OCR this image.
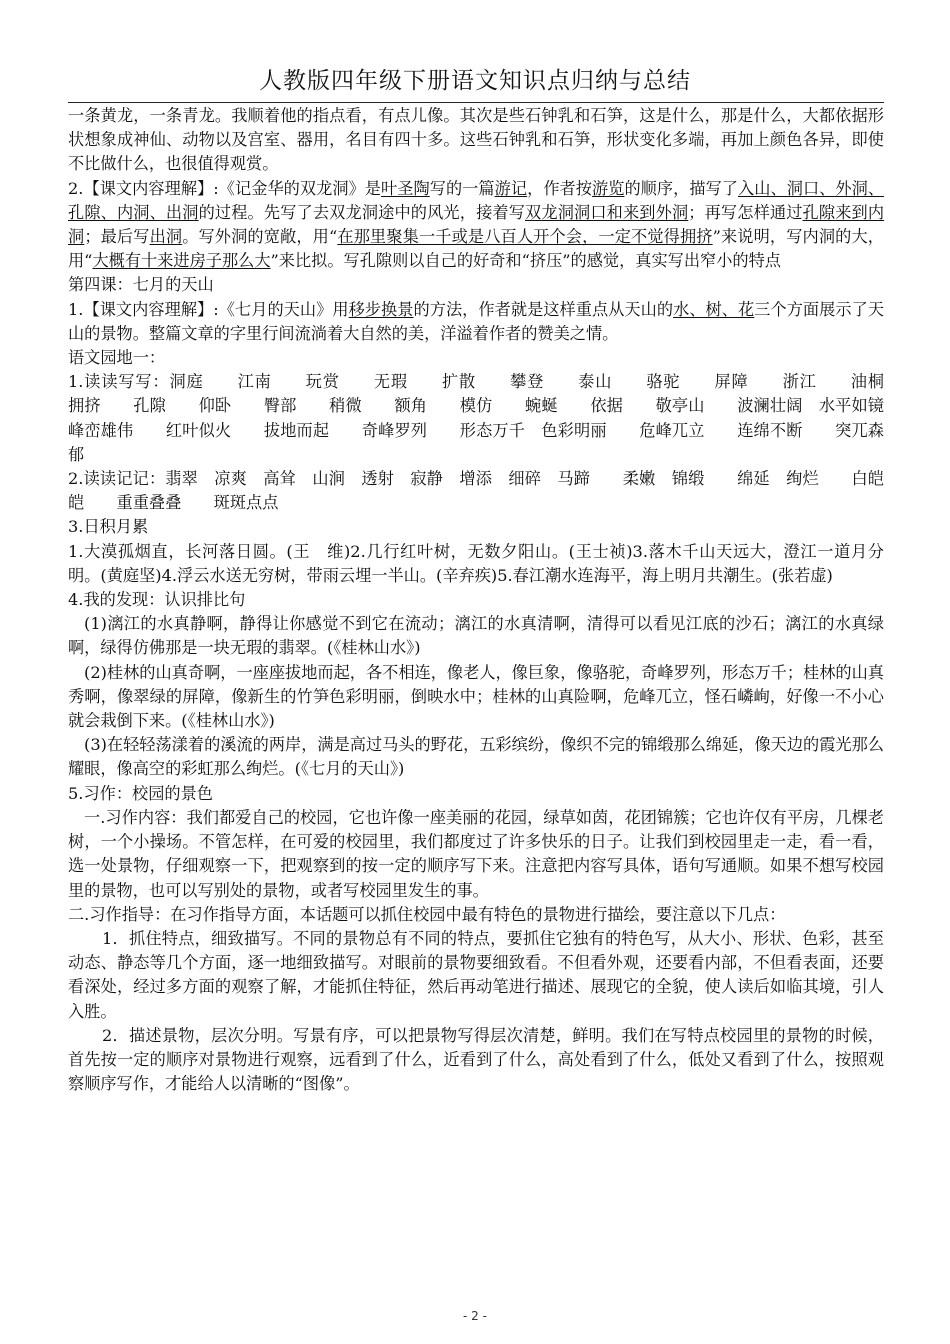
人教版四年级下册语文知识点归纳与总结

一条黄龙，一条青龙。我顺着他的指点看，有点儿像。其次是些石钟乳和石笋，这是什么，那是什么，大都依据形状想象成神仙、动物以及宫室、器用，名目有四十多。这些石钟乳和石笋，形状变化多端，再加上颜色各异，即使不比做什么，也很值得观赏。

2.【课文内容理解】:《记金华的双龙洞》是叶圣陶写的一篇游记，作者按游览的顺序，描写了入山、洞口、外洞、孔隙、内洞、出洞的过程。先写了去双龙洞途中的风光，接着写双龙洞洞口和来到外洞；再写怎样通过孔隙来到内洞；最后写出洞。写外洞的宽敞，用“在那里聚集一千或是八百人开个会，一定不觉得拥挤”来说明，写内洞的大，用“大概有十来进房子那么大”来比拟。写孔隙则以自己的好奇和“挤压”的感觉，真实写出窄小的特点

第四课：七月的天山

1.【课文内容理解】:《七月的天山》用移步换景的方法，作者就是这样重点从天山的水、树、花三个方面展示了天山的景物。整篇文章的字里行间流淌着大自然的美，洋溢着作者的赞美之情。

语文园地一：

1.读读写写：洞庭　　江南　　玩赏　　无瑕　　扩散　　攀登　　泰山　　骆驼　　屏障　　浙江　　油桐　　拥挤　　孔隙　　仰卧　　臀部　　稍微　　额角　　模仿　　蜿蜒　　依据　　敬亭山　　波澜壮阔　水平如镜　　峰峦雄伟　　红叶似火　　拔地而起　　奇峰罗列　　形态万千　色彩明丽　　危峰兀立　　连绵不断　　突兀森郁

2.读读记记：翡翠　凉爽　高耸　山涧　透射　寂静　增添　细碎　马蹄　　柔嫩　锦缎　　绵延　绚烂　　白皑皑　　重重叠叠　　斑斑点点

3.日积月累

1.大漠孤烟直，长河落日圆。(王　维)2.几行红叶树，无数夕阳山。(王士祯)3.落木千山天远大，澄江一道月分明。(黄庭坚)4.浮云水送无穷树，带雨云埋一半山。(辛弃疾)5.春江潮水连海平，海上明月共潮生。(张若虚)

4.我的发现：认识排比句

(1)漓江的水真静啊，静得让你感觉不到它在流动；漓江的水真清啊，清得可以看见江底的沙石；漓江的水真绿啊，绿得仿佛那是一块无瑕的翡翠。(《桂林山水》)

(2)桂林的山真奇啊，一座座拔地而起，各不相连，像老人，像巨象，像骆驼，奇峰罗列，形态万千；桂林的山真秀啊，像翠绿的屏障，像新生的竹笋色彩明丽，倒映水中；桂林的山真险啊，危峰兀立，怪石嶙峋，好像一不小心就会栽倒下来。(《桂林山水》)

(3)在轻轻荡漾着的溪流的两岸，满是高过马头的野花，五彩缤纷，像织不完的锦缎那么绵延，像天边的霞光那么耀眼，像高空的彩虹那么绚烂。(《七月的天山》)

5.习作：校园的景色

一.习作内容：我们都爱自己的校园，它也许像一座美丽的花园，绿草如茵，花团锦簇；它也许仅有平房，几棵老树，一个小操场。不管怎样，在可爱的校园里，我们都度过了许多快乐的日子。让我们到校园里走一走，看一看，选一处景物，仔细观察一下，把观察到的按一定的顺序写下来。注意把内容写具体，语句写通顺。如果不想写校园里的景物，也可以写别处的景物，或者写校园里发生的事。

二.习作指导：在习作指导方面，本话题可以抓住校园中最有特色的景物进行描绘，要注意以下几点：

1．抓住特点，细致描写。不同的景物总有不同的特点，要抓住它独有的特色写，从大小、形状、色彩，甚至动态、静态等几个方面，逐一地细致描写。对眼前的景物要细致看。不但看外观，还要看内部，不但看表面，还要看深处，经过多方面的观察了解，才能抓住特征，然后再动笔进行描述、展现它的全貌，使人读后如临其境，引人入胜。

2．描述景物，层次分明。写景有序，可以把景物写得层次清楚，鲜明。我们在写特点校园里的景物的时候，首先按一定的顺序对景物进行观察，远看到了什么，近看到了什么，高处看到了什么，低处又看到了什么，按照观察顺序写作，才能给人以清晰的“图像”。

- 2 -
